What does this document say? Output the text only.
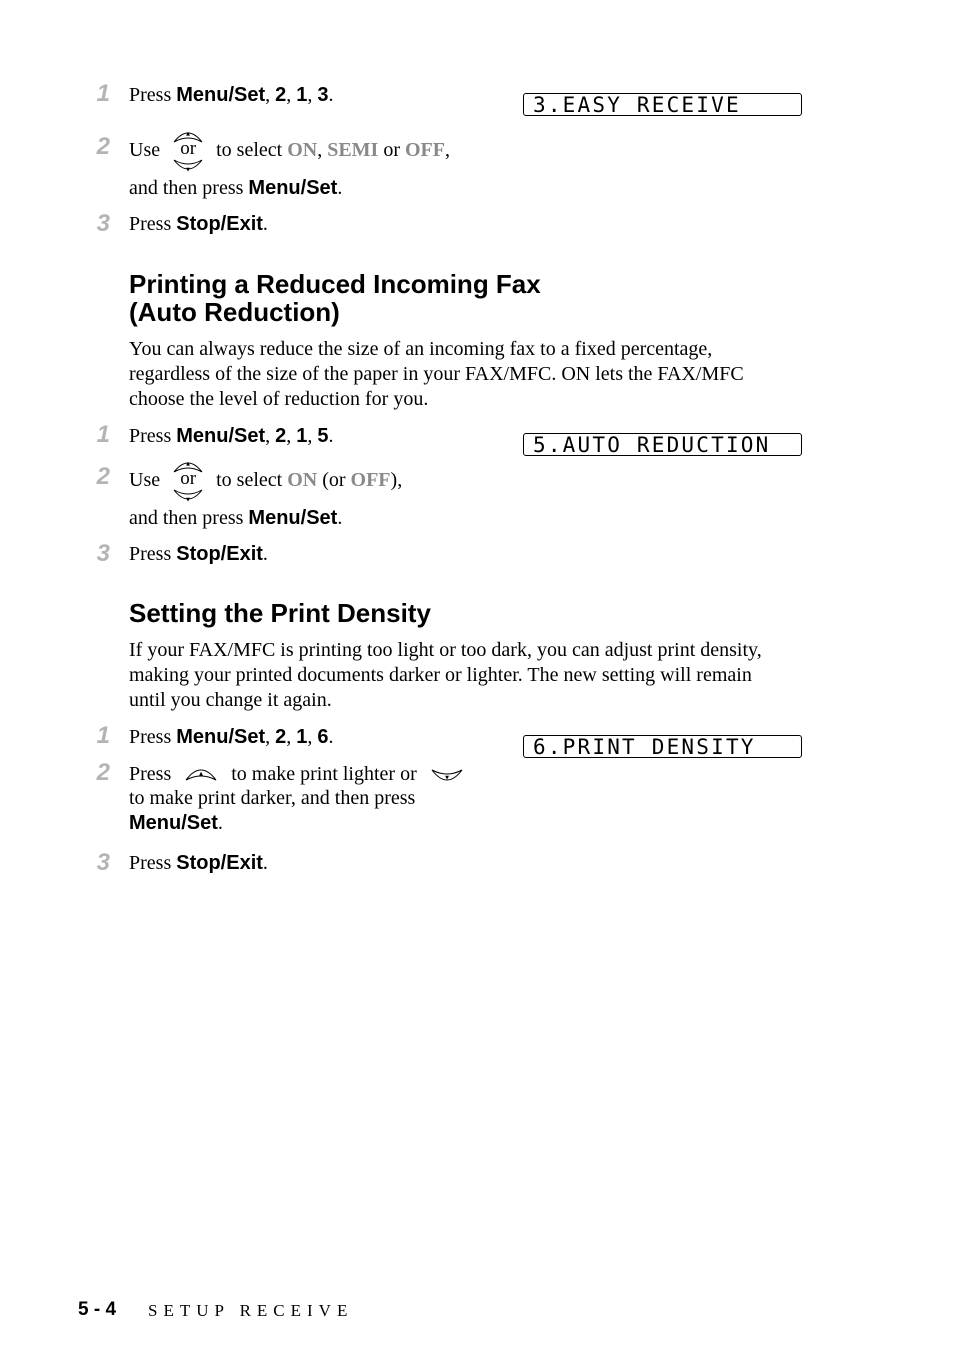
1 Press Menu/Set, 2, 1, 3.	3.EASY RECEIVE
2 Use
▲
▼
or	to select ON, SEMI or OFF,
and then press Menu/Set.
3 Press Stop/Exit.
Printing a Reduced Incoming Fax
(Auto Reduction)
You can always reduce the size of an incoming fax to a fixed percentage,
regardless of the size of the paper in your FAX/MFC. ON lets the FAX/MFC
choose the level of reduction for you.
1 Press Menu/Set, 2, 1, 5.	5.AUTO REDUCTION
2 Use
▲
▼
or	to select ON (or OFF),
and then press Menu/Set.
3 Press Stop/Exit.
Setting the Print Density
If your FAX/MFC is printing too light or too dark, you can adjust print density,
making your printed documents darker or lighter. The new setting will remain
until you change it again.
1 Press Menu/Set, 2, 1, 6.	6.PRINT DENSITY
2 Press	▲ to make print lighter or	▼
to make print darker, and then press
Menu/Set.
3 Press Stop/Exit.
5 - 4 SETUP RECEIVE
